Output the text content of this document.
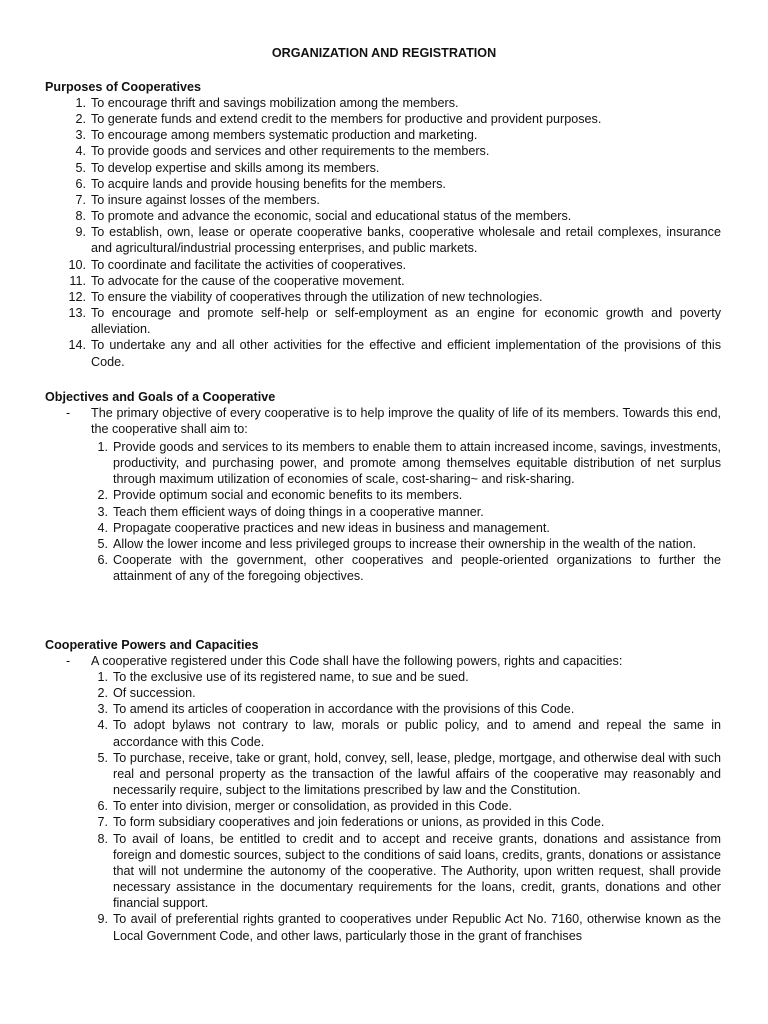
ORGANIZATION AND REGISTRATION
Purposes of Cooperatives
1. To encourage thrift and savings mobilization among the members.
2. To generate funds and extend credit to the members for productive and provident purposes.
3. To encourage among members systematic production and marketing.
4. To provide goods and services and other requirements to the members.
5. To develop expertise and skills among its members.
6. To acquire lands and provide housing benefits for the members.
7. To insure against losses of the members.
8. To promote and advance the economic, social and educational status of the members.
9. To establish, own, lease or operate cooperative banks, cooperative wholesale and retail complexes, insurance and agricultural/industrial processing enterprises, and public markets.
10. To coordinate and facilitate the activities of cooperatives.
11. To advocate for the cause of the cooperative movement.
12. To ensure the viability of cooperatives through the utilization of new technologies.
13. To encourage and promote self-help or self-employment as an engine for economic growth and poverty alleviation.
14. To undertake any and all other activities for the effective and efficient implementation of the provisions of this Code.
Objectives and Goals of a Cooperative
- The primary objective of every cooperative is to help improve the quality of life of its members. Towards this end, the cooperative shall aim to:
1. Provide goods and services to its members to enable them to attain increased income, savings, investments, productivity, and purchasing power, and promote among themselves equitable distribution of net surplus through maximum utilization of economies of scale, cost-sharing~ and risk-sharing.
2. Provide optimum social and economic benefits to its members.
3. Teach them efficient ways of doing things in a cooperative manner.
4. Propagate cooperative practices and new ideas in business and management.
5. Allow the lower income and less privileged groups to increase their ownership in the wealth of the nation.
6. Cooperate with the government, other cooperatives and people-oriented organizations to further the attainment of any of the foregoing objectives.
Cooperative Powers and Capacities
- A cooperative registered under this Code shall have the following powers, rights and capacities:
1. To the exclusive use of its registered name, to sue and be sued.
2. Of succession.
3. To amend its articles of cooperation in accordance with the provisions of this Code.
4. To adopt bylaws not contrary to law, morals or public policy, and to amend and repeal the same in accordance with this Code.
5. To purchase, receive, take or grant, hold, convey, sell, lease, pledge, mortgage, and otherwise deal with such real and personal property as the transaction of the lawful affairs of the cooperative may reasonably and necessarily require, subject to the limitations prescribed by law and the Constitution.
6. To enter into division, merger or consolidation, as provided in this Code.
7. To form subsidiary cooperatives and join federations or unions, as provided in this Code.
8. To avail of loans, be entitled to credit and to accept and receive grants, donations and assistance from foreign and domestic sources, subject to the conditions of said loans, credits, grants, donations or assistance that will not undermine the autonomy of the cooperative. The Authority, upon written request, shall provide necessary assistance in the documentary requirements for the loans, credit, grants, donations and other financial support.
9. To avail of preferential rights granted to cooperatives under Republic Act No. 7160, otherwise known as the Local Government Code, and other laws, particularly those in the grant of franchises
